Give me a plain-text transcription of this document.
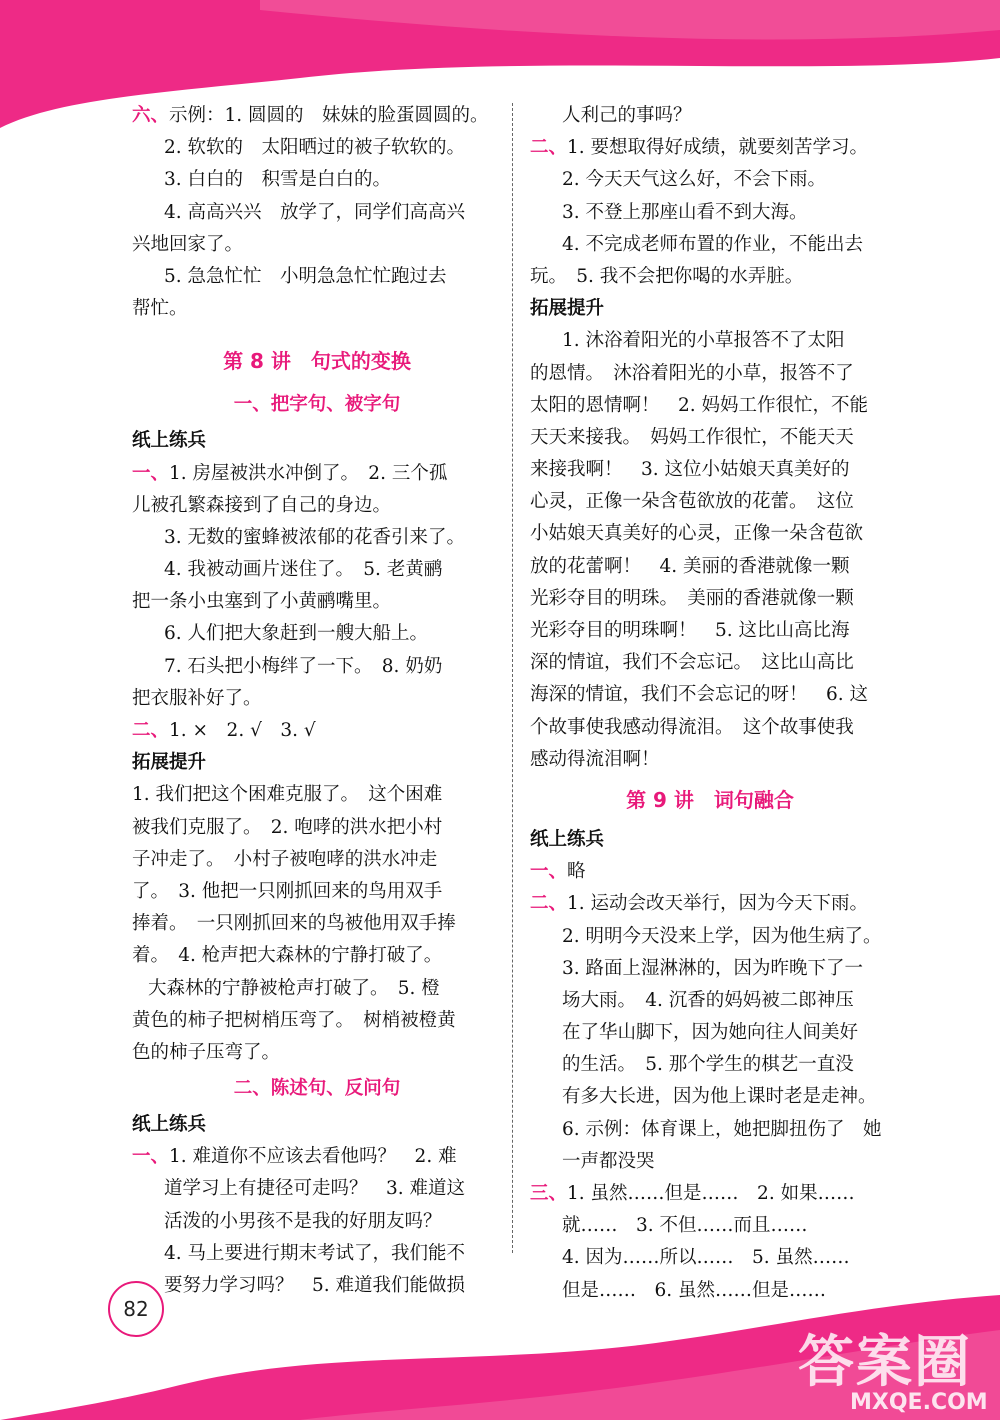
六、示例：1. 圆圆的　妹妹的脸蛋圆圆的。
2. 软软的　太阳晒过的被子软软的。
3. 白白的　积雪是白白的。
4. 高高兴兴　放学了，同学们高高兴
兴地回家了。
5. 急急忙忙　小明急急忙忙跑过去
帮忙。
第 8 讲　句式的变换
一、把字句、被字句
纸上练兵
一、1. 房屋被洪水冲倒了。　2. 三个孤
儿被孔繁森接到了自己的身边。
3. 无数的蜜蜂被浓郁的花香引来了。
4. 我被动画片迷住了。　5. 老黄鹂
把一条小虫塞到了小黄鹂嘴里。
6. 人们把大象赶到一艘大船上。
7. 石头把小梅绊了一下。　8. 奶奶
把衣服补好了。
二、1. ×　2. √　3. √
拓展提升
1. 我们把这个困难克服了。　这个困难
被我们克服了。　2. 咆哮的洪水把小村
子冲走了。　小村子被咆哮的洪水冲走
了。　3. 他把一只刚抓回来的鸟用双手
捧着。　一只刚抓回来的鸟被他用双手捧
着。　4. 枪声把大森林的宁静打破了。
大森林的宁静被枪声打破了。　5. 橙
黄色的柿子把树梢压弯了。　树梢被橙黄
色的柿子压弯了。
二、陈述句、反问句
纸上练兵
一、1. 难道你不应该去看他吗？　2. 难
道学习上有捷径可走吗？　3. 难道这
活泼的小男孩不是我的好朋友吗？
4. 马上要进行期末考试了，我们能不
要努力学习吗？　5. 难道我们能做损
人利己的事吗？
二、1. 要想取得好成绩，就要刻苦学习。
2. 今天天气这么好，不会下雨。
3. 不登上那座山看不到大海。
4. 不完成老师布置的作业，不能出去
玩。　5. 我不会把你喝的水弄脏。
拓展提升
1. 沐浴着阳光的小草报答不了太阳
的恩情。　沐浴着阳光的小草，报答不了
太阳的恩情啊！　2. 妈妈工作很忙，不能
天天来接我。　妈妈工作很忙，不能天天
来接我啊！　3. 这位小姑娘天真美好的
心灵，正像一朵含苞欲放的花蕾。　这位
小姑娘天真美好的心灵，正像一朵含苞欲
放的花蕾啊！　4. 美丽的香港就像一颗
光彩夺目的明珠。　美丽的香港就像一颗
光彩夺目的明珠啊！　5. 这比山高比海
深的情谊，我们不会忘记。　这比山高比
海深的情谊，我们不会忘记的呀！　6. 这
个故事使我感动得流泪。　这个故事使我
感动得流泪啊！
第 9 讲　词句融合
纸上练兵
一、略
二、1. 运动会改天举行，因为今天下雨。
2. 明明今天没来上学，因为他生病了。
3. 路面上湿淋淋的，因为昨晚下了一
场大雨。　4. 沉香的妈妈被二郎神压
在了华山脚下，因为她向往人间美好
的生活。　5. 那个学生的棋艺一直没
有多大长进，因为他上课时老是走神。
6. 示例：体育课上，她把脚扭伤了　她
一声都没哭
三、1. 虽然……但是……　2. 如果……
就……　3. 不但……而且……
4. 因为……所以……　5. 虽然……
但是……　6. 虽然……但是……
82
答案圈
MXQE.COM
